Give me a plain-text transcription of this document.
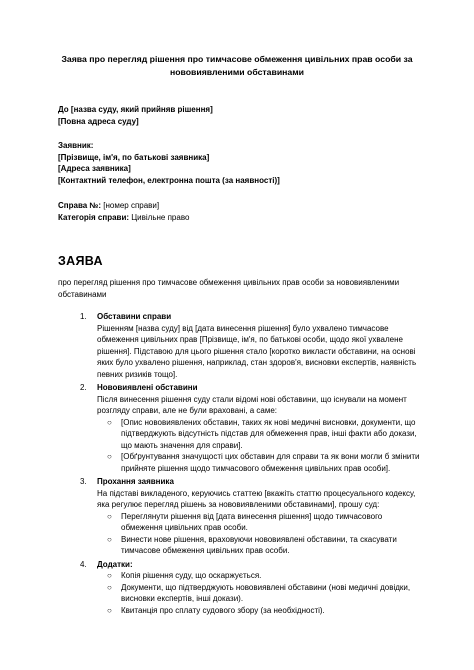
Заява про перегляд рішення про тимчасове обмеження цивільних прав особи за нововиявленими обставинами
До [назва суду, який прийняв рішення]
[Повна адреса суду]
Заявник:
[Прізвище, ім'я, по батькові заявника]
[Адреса заявника]
[Контактний телефон, електронна пошта (за наявності)]
Справа №: [номер справи]
Категорія справи: Цивільне право
ЗАЯВА
про перегляд рішення про тимчасове обмеження цивільних прав особи за нововиявленими обставинами
1. Обставини справи
Рішенням [назва суду] від [дата винесення рішення] було ухвалено тимчасове обмеження цивільних прав [Прізвище, ім'я, по батькові особи, щодо якої ухвалене рішення]. Підставою для цього рішення стало [коротко викласти обставини, на основі яких було ухвалено рішення, наприклад, стан здоров'я, висновки експертів, наявність певних ризиків тощо].
2. Нововиявлені обставини
Після винесення рішення суду стали відомі нові обставини, що існували на момент розгляду справи, але не були враховані, а саме:
○ [Опис нововиявлених обставин, таких як нові медичні висновки, документи, що підтверджують відсутність підстав для обмеження прав, інші факти або докази, що мають значення для справи].
○ [Обґрунтування значущості цих обставин для справи та як вони могли б змінити прийняте рішення щодо тимчасового обмеження цивільних прав особи].
3. Прохання заявника
На підставі викладеного, керуючись статтею [вкажіть статтю процесуального кодексу, яка регулює перегляд рішень за нововиявленими обставинами], прошу суд:
○ Переглянути рішення від [дата винесення рішення] щодо тимчасового обмеження цивільних прав особи.
○ Винести нове рішення, враховуючи нововиявлені обставини, та скасувати тимчасове обмеження цивільних прав особи.
4. Додатки:
○ Копія рішення суду, що оскаржується.
○ Документи, що підтверджують нововиявлені обставини (нові медичні довідки, висновки експертів, інші докази).
○ Квитанція про сплату судового збору (за необхідності).
